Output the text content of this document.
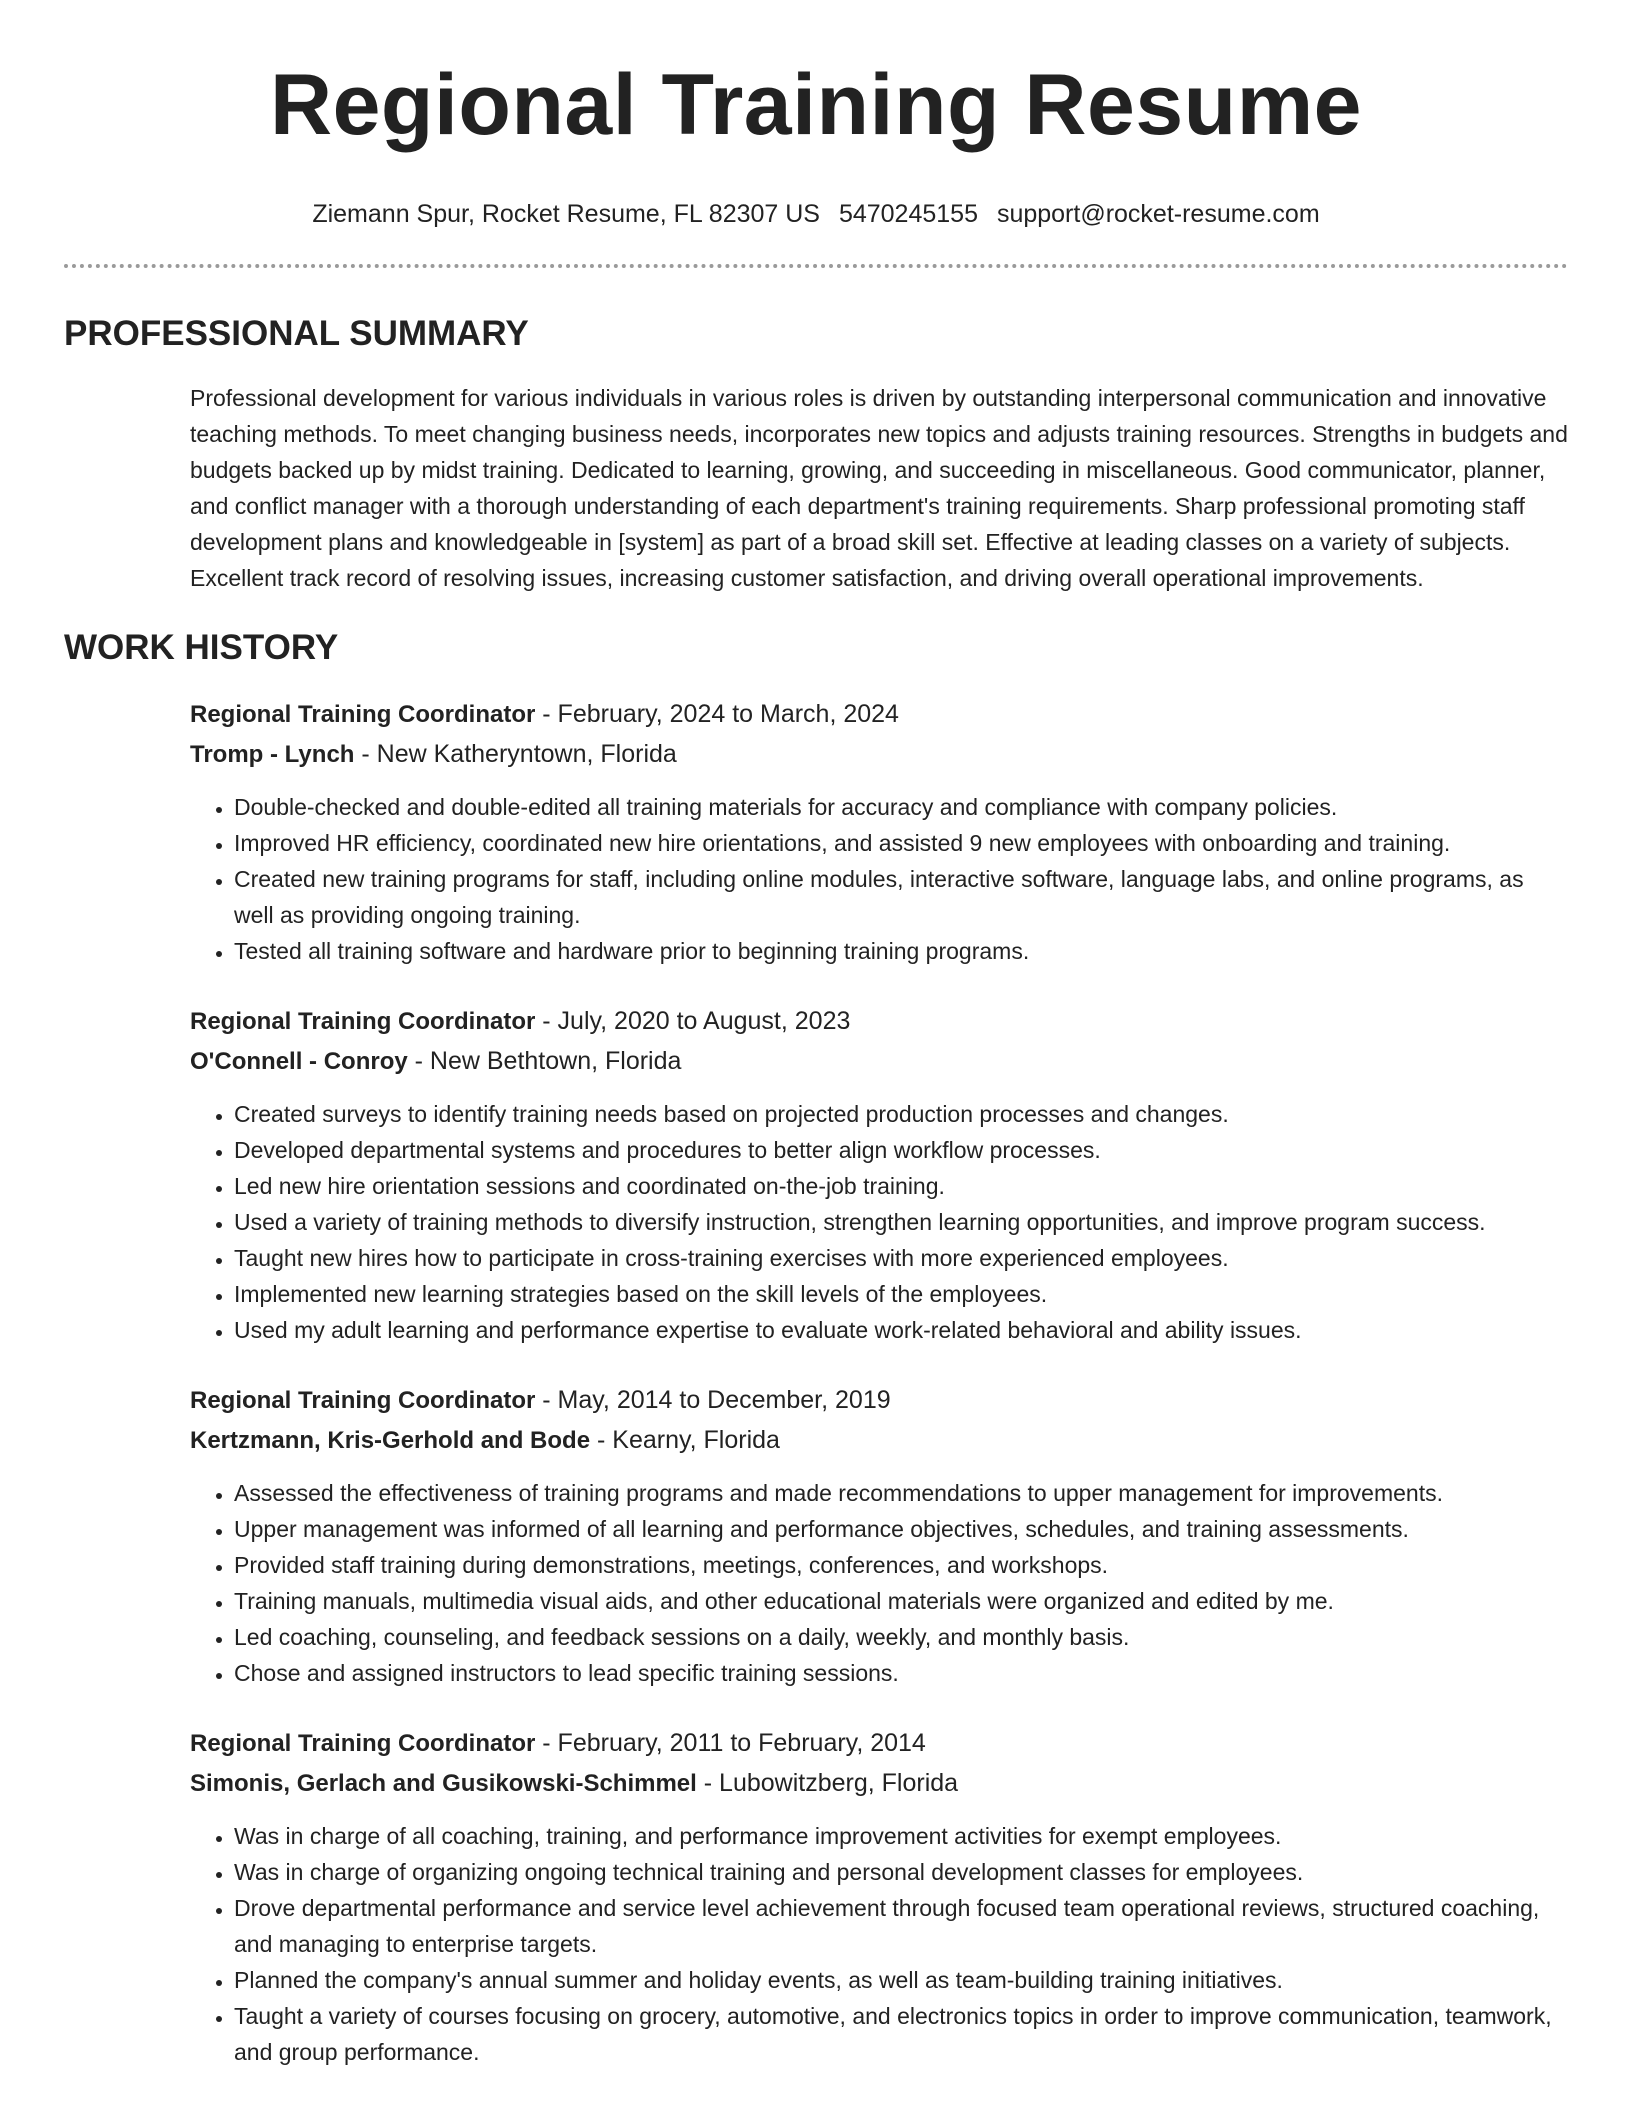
Regional Training Resume
Ziemann Spur, Rocket Resume, FL 82307 US 5470245155 support@rocket-resume.com
PROFESSIONAL SUMMARY

Professional development for various individuals in various roles is driven by outstanding interpersonal communication and innovative teaching methods. To meet changing business needs, incorporates new topics and adjusts training resources. Strengths in budgets and budgets backed up by midst training. Dedicated to learning, growing, and succeeding in miscellaneous. Good communicator, planner, and conflict manager with a thorough understanding of each department's training requirements. Sharp professional promoting staff development plans and knowledgeable in [system] as part of a broad skill set. Effective at leading classes on a variety of subjects. Excellent track record of resolving issues, increasing customer satisfaction, and driving overall operational improvements.

WORK HISTORY

Regional Training Coordinator - February, 2024 to March, 2024

Tromp - Lynch - New Katheryntown, Florida

• Double-checked and double-edited all training materials for accuracy and compliance with company policies.
• Improved HR efficiency, coordinated new hire orientations, and assisted 9 new employees with onboarding and training.
• Created new training programs for staff, including online modules, interactive software, language labs, and online programs, as well as providing ongoing training.
• Tested all training software and hardware prior to beginning training programs.

Regional Training Coordinator - July, 2020 to August, 2023

O'Connell - Conroy - New Bethtown, Florida

• Created surveys to identify training needs based on projected production processes and changes.
• Developed departmental systems and procedures to better align workflow processes.
• Led new hire orientation sessions and coordinated on-the-job training.
• Used a variety of training methods to diversify instruction, strengthen learning opportunities, and improve program success.
• Taught new hires how to participate in cross-training exercises with more experienced employees.
• Implemented new learning strategies based on the skill levels of the employees.
• Used my adult learning and performance expertise to evaluate work-related behavioral and ability issues.

Regional Training Coordinator - May, 2014 to December, 2019

Kertzmann, Kris-Gerhold and Bode - Kearny, Florida

• Assessed the effectiveness of training programs and made recommendations to upper management for improvements.
• Upper management was informed of all learning and performance objectives, schedules, and training assessments.
• Provided staff training during demonstrations, meetings, conferences, and workshops.
• Training manuals, multimedia visual aids, and other educational materials were organized and edited by me.
• Led coaching, counseling, and feedback sessions on a daily, weekly, and monthly basis.
• Chose and assigned instructors to lead specific training sessions.

Regional Training Coordinator - February, 2011 to February, 2014

Simonis, Gerlach and Gusikowski-Schimmel - Lubowitzberg, Florida

• Was in charge of all coaching, training, and performance improvement activities for exempt employees.
• Was in charge of organizing ongoing technical training and personal development classes for employees.
• Drove departmental performance and service level achievement through focused team operational reviews, structured coaching, and managing to enterprise targets.
• Planned the company's annual summer and holiday events, as well as team-building training initiatives.
• Taught a variety of courses focusing on grocery, automotive, and electronics topics in order to improve communication, teamwork, and group performance.
